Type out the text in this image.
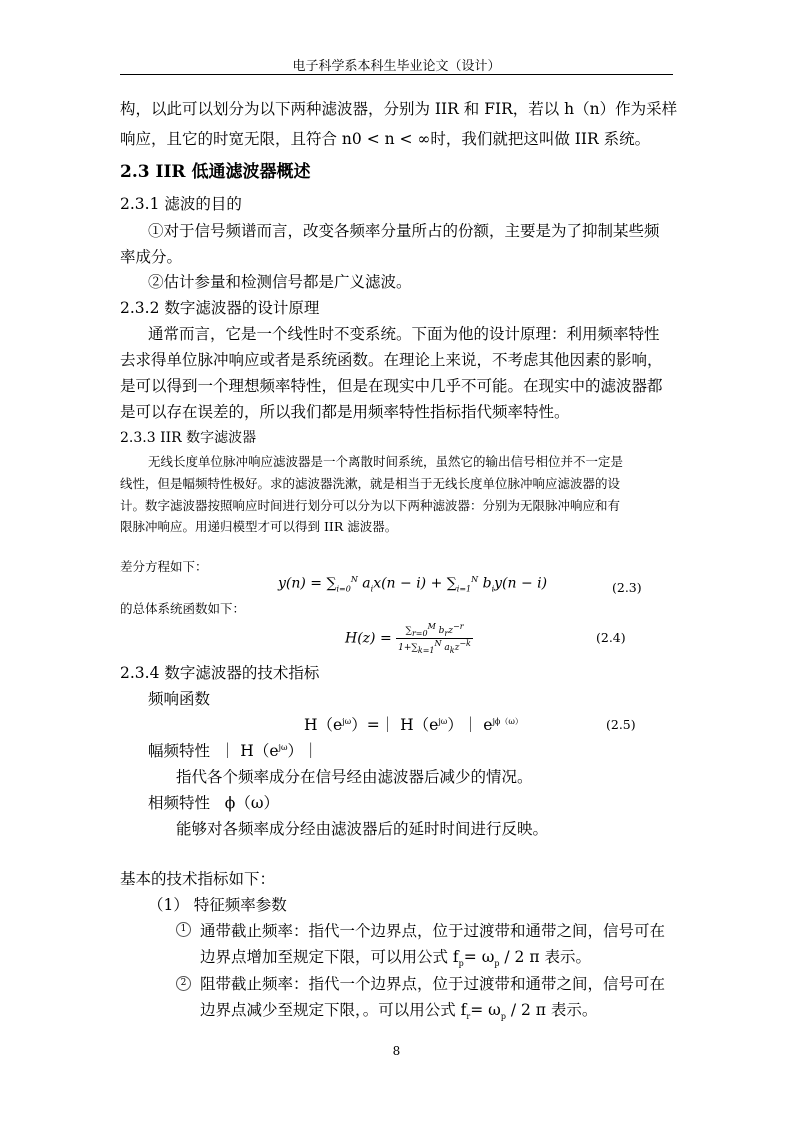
电子科学系本科生毕业论文（设计）
构，以此可以划分为以下两种滤波器，分别为 IIR 和 FIR，若以 h（n）作为采样
响应，且它的时宽无限，且符合 n0 < n < ∞时，我们就把这叫做 IIR 系统。
2.3 IIR 低通滤波器概述
2.3.1 滤波的目的
①对于信号频谱而言，改变各频率分量所占的份额，主要是为了抑制某些频
率成分。
②估计参量和检测信号都是广义滤波。
2.3.2 数字滤波器的设计原理
通常而言，它是一个线性时不变系统。下面为他的设计原理：利用频率特性
去求得单位脉冲响应或者是系统函数。在理论上来说，不考虑其他因素的影响，
是可以得到一个理想频率特性，但是在现实中几乎不可能。在现实中的滤波器都
是可以存在误差的，所以我们都是用频率特性指标指代频率特性。
2.3.3 IIR 数字滤波器
无线长度单位脉冲响应滤波器是一个离散时间系统，虽然它的输出信号相位并不一定是
线性，但是幅频特性极好。求的滤波器洗漱，就是相当于无线长度单位脉冲响应滤波器的设
计。数字滤波器按照响应时间进行划分可以分为以下两种滤波器：分别为无限脉冲响应和有
限脉冲响应。用递归模型才可以得到 IIR 滤波器。
差分方程如下：
$y(n) = \sum_{i=0}^N$ $a_ix(n - i) + \sum_{i=1}^N$ $b_iy(n - i)$	(2.3)
的总体系统函数如下：
$H(z) = \frac{\sum_{r=0}^M b_rz^{-r}}{1+\sum_{k=1}^N a_kz^{-k}}$	(2.4)
2.3.4 数字滤波器的技术指标
频响函数
$H(e^{j\omega})=|$ $H(e^{j\omega})|$ $e^{j\phi(\omega)}$	(2.5)
幅频特性  ｜ $H(e^{j\omega})|$
指代各个频率成分在信号经由滤波器后减少的情况。
相频特性 ϕ（ω）
能够对各频率成分经由滤波器后的延时时间进行反映。
基本的技术指标如下：
（1） 特征频率参数
1 通带截止频率：指代一个边界点，位于过渡带和通带之间，信号可在
边界点增加至规定下限，可以用公式 $f_p= \omega_p / 2$ π 表示。
2 阻带截止频率：指代一个边界点，位于过渡带和通带之间，信号可在
边界点减少至规定下限，。可以用公式 $f_r= \omega_p / 2$ π 表示。
8
